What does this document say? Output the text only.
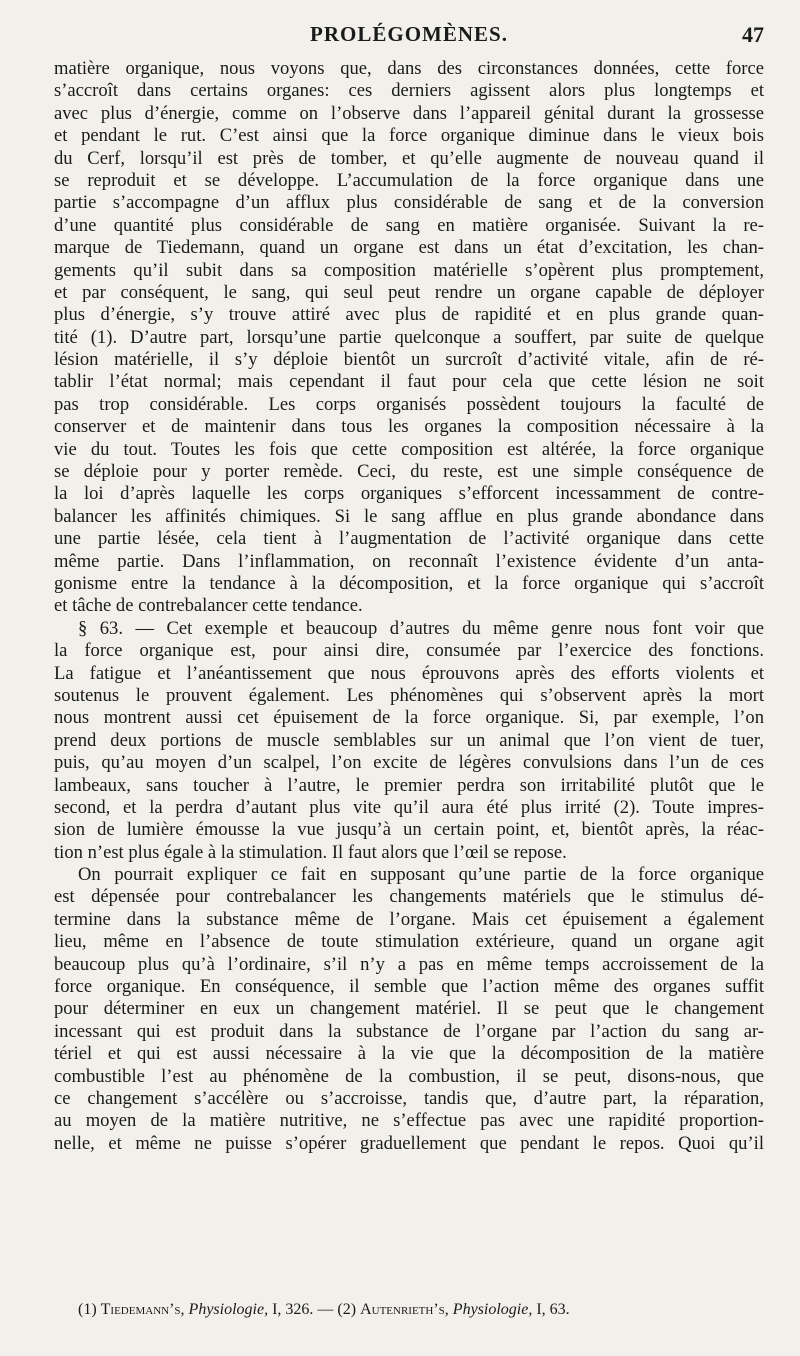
PROLÉGOMÈNES.	47
matière organique, nous voyons que, dans des circonstances données, cette force
s’accroît dans certains organes: ces derniers agissent alors plus longtemps et
avec plus d’énergie, comme on l’observe dans l’appareil génital durant la grossesse
et pendant le rut. C’est ainsi que la force organique diminue dans le vieux bois
du Cerf, lorsqu’il est près de tomber, et qu’elle augmente de nouveau quand il
se reproduit et se développe. L’accumulation de la force organique dans une
partie s’accompagne d’un afflux plus considérable de sang et de la conversion
d’une quantité plus considérable de sang en matière organisée. Suivant la re-
marque de Tiedemann, quand un organe est dans un état d’excitation, les chan-
gements qu’il subit dans sa composition matérielle s’opèrent plus promptement,
et par conséquent, le sang, qui seul peut rendre un organe capable de déployer
plus d’énergie, s’y trouve attiré avec plus de rapidité et en plus grande quan-
tité (1). D’autre part, lorsqu’une partie quelconque a souffert, par suite de quelque
lésion matérielle, il s’y déploie bientôt un surcroît d’activité vitale, afin de ré-
tablir l’état normal; mais cependant il faut pour cela que cette lésion ne soit
pas trop considérable. Les corps organisés possèdent toujours la faculté de
conserver et de maintenir dans tous les organes la composition nécessaire à la
vie du tout. Toutes les fois que cette composition est altérée, la force organique
se déploie pour y porter remède. Ceci, du reste, est une simple conséquence de
la loi d’après laquelle les corps organiques s’efforcent incessamment de contre-
balancer les affinités chimiques. Si le sang afflue en plus grande abondance dans
une partie lésée, cela tient à l’augmentation de l’activité organique dans cette
même partie. Dans l’inflammation, on reconnaît l’existence évidente d’un anta-
gonisme entre la tendance à la décomposition, et la force organique qui s’accroît
et tâche de contrebalancer cette tendance.
§ 63. — Cet exemple et beaucoup d’autres du même genre nous font voir que
la force organique est, pour ainsi dire, consumée par l’exercice des fonctions.
La fatigue et l’anéantissement que nous éprouvons après des efforts violents et
soutenus le prouvent également. Les phénomènes qui s’observent après la mort
nous montrent aussi cet épuisement de la force organique. Si, par exemple, l’on
prend deux portions de muscle semblables sur un animal que l’on vient de tuer,
puis, qu’au moyen d’un scalpel, l’on excite de légères convulsions dans l’un de ces
lambeaux, sans toucher à l’autre, le premier perdra son irritabilité plutôt que le
second, et la perdra d’autant plus vite qu’il aura été plus irrité (2). Toute impres-
sion de lumière émousse la vue jusqu’à un certain point, et, bientôt après, la réac-
tion n’est plus égale à la stimulation. Il faut alors que l’œil se repose.
On pourrait expliquer ce fait en supposant qu’une partie de la force organique
est dépensée pour contrebalancer les changements matériels que le stimulus dé-
termine dans la substance même de l’organe. Mais cet épuisement a également
lieu, même en l’absence de toute stimulation extérieure, quand un organe agit
beaucoup plus qu’à l’ordinaire, s’il n’y a pas en même temps accroissement de la
force organique. En conséquence, il semble que l’action même des organes suffit
pour déterminer en eux un changement matériel. Il se peut que le changement
incessant qui est produit dans la substance de l’organe par l’action du sang ar-
tériel et qui est aussi nécessaire à la vie que la décomposition de la matière
combustible l’est au phénomène de la combustion, il se peut, disons-nous, que
ce changement s’accélère ou s’accroisse, tandis que, d’autre part, la réparation,
au moyen de la matière nutritive, ne s’effectue pas avec une rapidité proportion-
nelle, et même ne puisse s’opérer graduellement que pendant le repos. Quoi qu’il
(1) Tiedemann’s, Physiologie, I, 326. — (2) Autenrieth’s, Physiologie, I, 63.
